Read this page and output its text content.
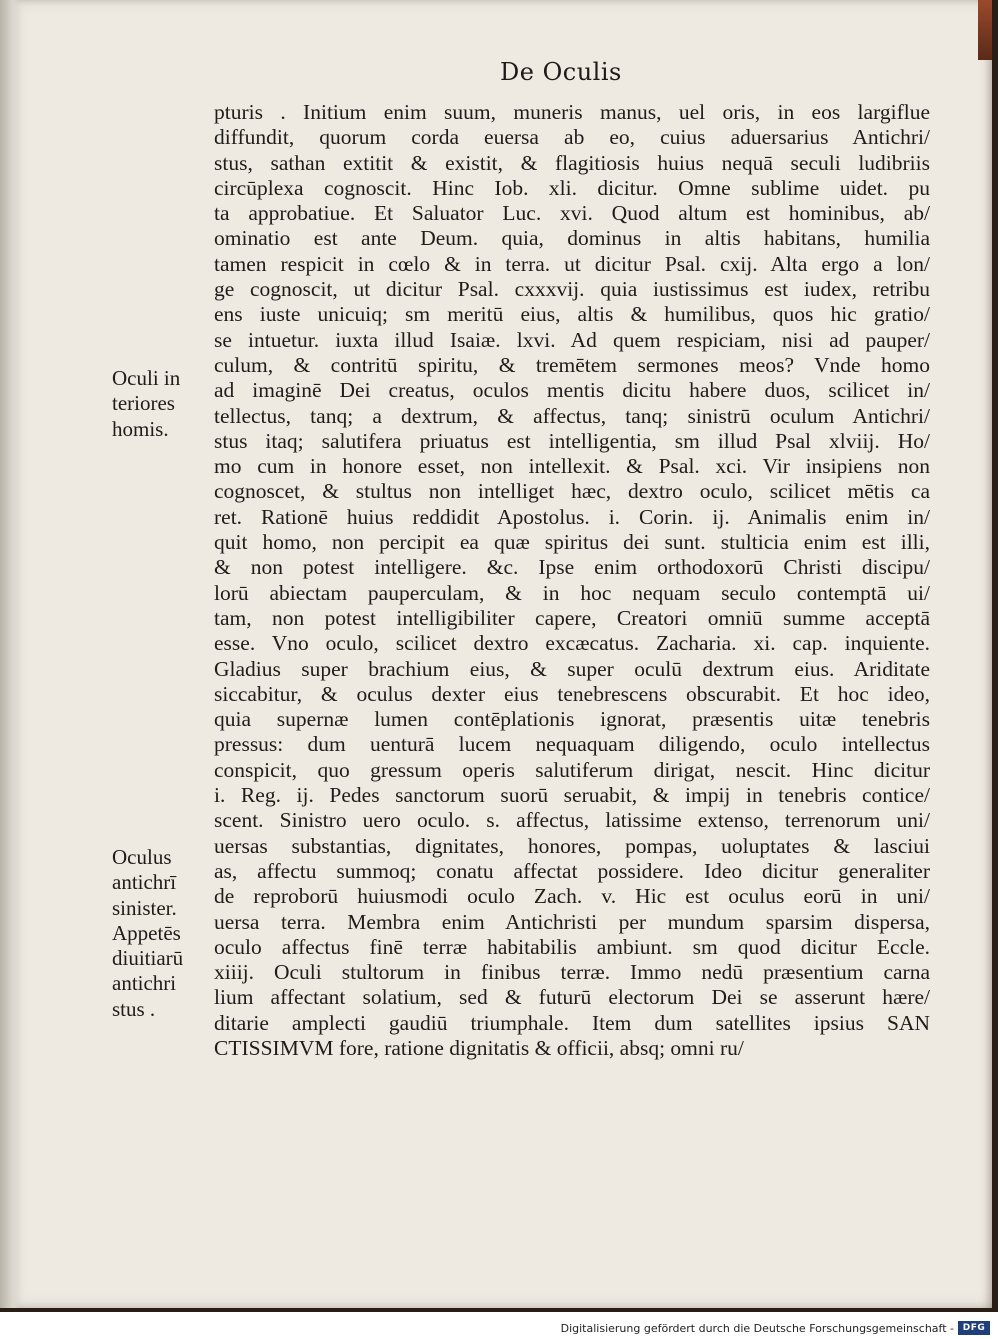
De Oculis
pturis . Initium enim suum, muneris manus, uel oris, in eos largiflue
diffundit, quorum corda euersa ab eo, cuius aduersarius Antichri/
stus, sathan extitit & existit, & flagitiosis huius nequā seculi ludibriis
circūplexa cognoscit. Hinc Iob. xli. dicitur. Omne sublime uidet. pu
ta approbatiue. Et Saluator Luc. xvi. Quod altum est hominibus, ab/
ominatio est ante Deum. quia, dominus in altis habitans, humilia
tamen respicit in cœlo & in terra. ut dicitur Psal. cxij. Alta ergo a lon/
ge cognoscit, ut dicitur Psal. cxxxvij. quia iustissimus est iudex, retribu
ens iuste unicuiq; sm meritū eius, altis & humilibus, quos hic gratio/
se intuetur. iuxta illud Isaiæ. lxvi. Ad quem respiciam, nisi ad pauper/
culum, & contritū spiritu, & tremētem sermones meos? Vnde homo
ad imaginē Dei creatus, oculos mentis dicitu habere duos, scilicet in/
tellectus, tanq; a dextrum, & affectus, tanq; sinistrū oculum Antichri/
stus itaq; salutifera priuatus est intelligentia, sm illud Psal xlviij. Ho/
mo cum in honore esset, non intellexit. & Psal. xci. Vir insipiens non
cognoscet, & stultus non intelliget hæc, dextro oculo, scilicet mētis ca
ret. Rationē huius reddidit Apostolus. i. Corin. ij. Animalis enim in/
quit homo, non percipit ea quæ spiritus dei sunt. stulticia enim est illi,
& non potest intelligere. &c. Ipse enim orthodoxorū Christi discipu/
lorū abiectam pauperculam, & in hoc nequam seculo contemptā ui/
tam, non potest intelligibiliter capere, Creatori omniū summe acceptā
esse. Vno oculo, scilicet dextro excæcatus. Zacharia. xi. cap. inquiente.
Gladius super brachium eius, & super oculū dextrum eius. Ariditate
siccabitur, & oculus dexter eius tenebrescens obscurabit. Et hoc ideo,
quia supernæ lumen contēplationis ignorat, præsentis uitæ tenebris
pressus: dum uenturā lucem nequaquam diligendo, oculo intellectus
conspicit, quo gressum operis salutiferum dirigat, nescit. Hinc dicitur
i. Reg. ij. Pedes sanctorum suorū seruabit, & impij in tenebris contice/
scent. Sinistro uero oculo. s. affectus, latissime extenso, terrenorum uni/
uersas substantias, dignitates, honores, pompas, uoluptates & lasciui
as, affectu summoq; conatu affectat possidere. Ideo dicitur generaliter
de reproborū huiusmodi oculo Zach. v. Hic est oculus eorū in uni/
uersa terra. Membra enim Antichristi per mundum sparsim dispersa,
oculo affectus finē terræ habitabilis ambiunt. sm quod dicitur Eccle.
xiiij. Oculi stultorum in finibus terræ. Immo nedū præsentium carna
lium affectant solatium, sed & futurū electorum Dei se asserunt hære/
ditarie amplecti gaudiū triumphale. Item dum satellites ipsius SAN
CTISSIMVM fore, ratione dignitatis & officii, absq; omni ru/
Oculi in
teriores
homis.
Oculus
antichrī
sinister.
Appetēs
diuitiarū
antichri
stus .
Digitalisierung gefördert durch die Deutsche Forschungsgemeinschaft - DFG
